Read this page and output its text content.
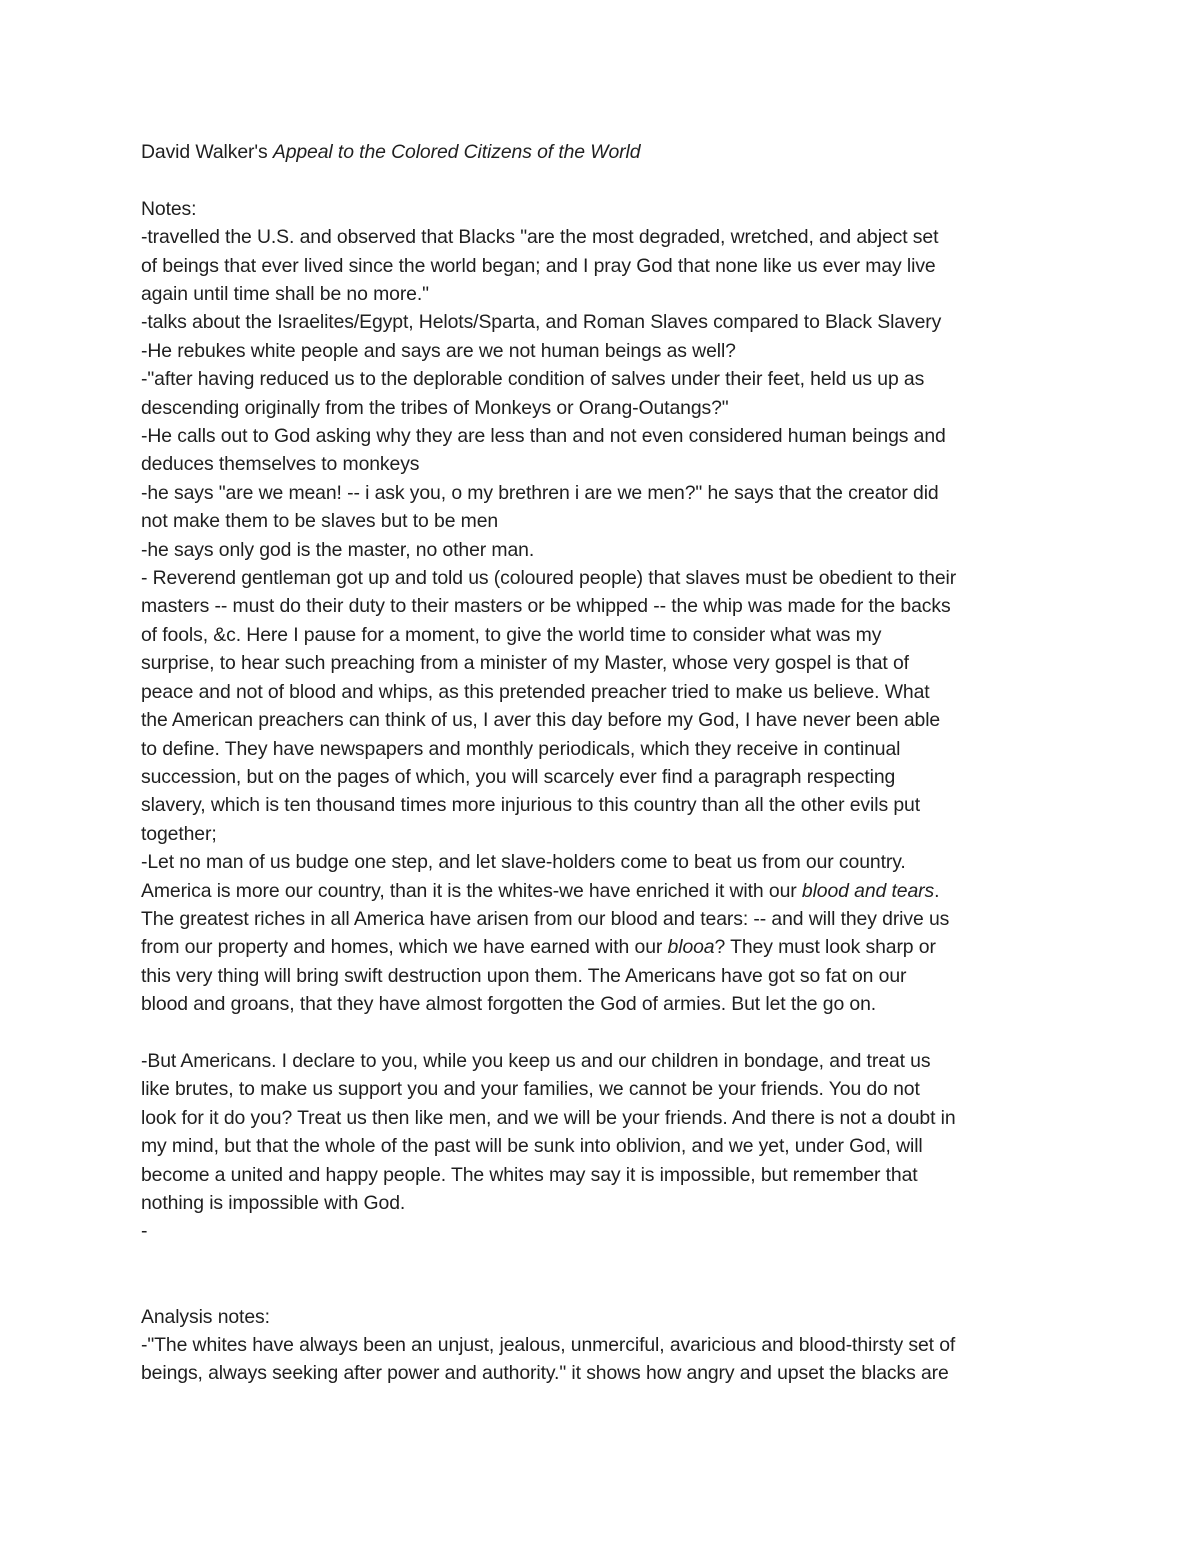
David Walker's Appeal to the Colored Citizens of the World
Notes:
-travelled the U.S. and observed that Blacks "are the most degraded, wretched, and abject set
of beings that ever lived since the world began; and I pray God that none like us ever may live
again until time shall be no more."
-talks about the Israelites/Egypt, Helots/Sparta, and Roman Slaves compared to Black Slavery
-He rebukes white people and says are we not human beings as well?
-"after having reduced us to the deplorable condition of salves under their feet, held us up as
descending originally from the tribes of Monkeys or Orang-Outangs?"
-He calls out to God asking why they are less than and not even considered human beings and
deduces themselves to monkeys
-he says "are we mean! -- i ask you, o my brethren i are we men?" he says that the creator did
not make them to be slaves but to be men
-he says only god is the master, no other man.
- Reverend gentleman got up and told us (coloured people) that slaves must be obedient to their
masters -- must do their duty to their masters or be whipped -- the whip was made for the backs
of fools, &c. Here I pause for a moment, to give the world time to consider what was my
surprise, to hear such preaching from a minister of my Master, whose very gospel is that of
peace and not of blood and whips, as this pretended preacher tried to make us believe. What
the American preachers can think of us, I aver this day before my God, I have never been able
to define. They have newspapers and monthly periodicals, which they receive in continual
succession, but on the pages of which, you will scarcely ever find a paragraph respecting
slavery, which is ten thousand times more injurious to this country than all the other evils put
together;
-Let no man of us budge one step, and let slave-holders come to beat us from our country.
America is more our country, than it is the whites-we have enriched it with our blood and tears.
The greatest riches in all America have arisen from our blood and tears: -- and will they drive us
from our property and homes, which we have earned with our blooa? They must look sharp or
this very thing will bring swift destruction upon them. The Americans have got so fat on our
blood and groans, that they have almost forgotten the God of armies. But let the go on.
-But Americans. I declare to you, while you keep us and our children in bondage, and treat us
like brutes, to make us support you and your families, we cannot be your friends. You do not
look for it do you? Treat us then like men, and we will be your friends. And there is not a doubt in
my mind, but that the whole of the past will be sunk into oblivion, and we yet, under God, will
become a united and happy people. The whites may say it is impossible, but remember that
nothing is impossible with God.
-
Analysis notes:
-"The whites have always been an unjust, jealous, unmerciful, avaricious and blood-thirsty set of
beings, always seeking after power and authority." it shows how angry and upset the blacks are
